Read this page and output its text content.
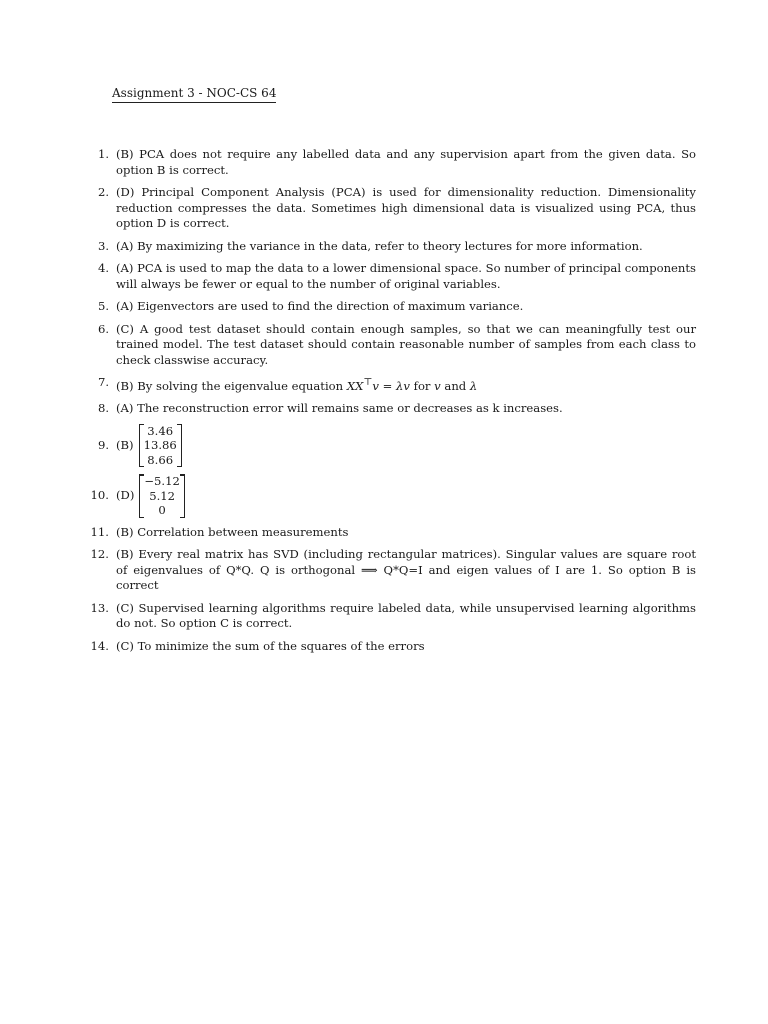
Assignment 3 - NOC-CS 64
1. (B) PCA does not require any labelled data and any supervision apart from the given data. So option B is correct.
2. (D) Principal Component Analysis (PCA) is used for dimensionality reduction. Dimensionality reduction compresses the data. Sometimes high dimensional data is visualized using PCA, thus option D is correct.
3. (A) By maximizing the variance in the data, refer to theory lectures for more information.
4. (A) PCA is used to map the data to a lower dimensional space. So number of principal components will always be fewer or equal to the number of original variables.
5. (A) Eigenvectors are used to find the direction of maximum variance.
6. (C) A good test dataset should contain enough samples, so that we can meaningfully test our trained model. The test dataset should contain reasonable number of samples from each class to check classwise accuracy.
7. (B) By solving the eigenvalue equation XX⊤v = λv for v and λ
8. (A) The reconstruction error will remains same or decreases as k increases.
9. (B)
3.46
13.86
8.66
10. (D)
−5.12
5.12
0
11. (B) Correlation between measurements
12. (B) Every real matrix has SVD (including rectangular matrices). Singular values are square root of eigenvalues of Q*Q. Q is orthogonal ⟹ Q*Q=I and eigen values of I are 1. So option B is correct
13. (C) Supervised learning algorithms require labeled data, while unsupervised learning algorithms do not. So option C is correct.
14. (C) To minimize the sum of the squares of the errors
